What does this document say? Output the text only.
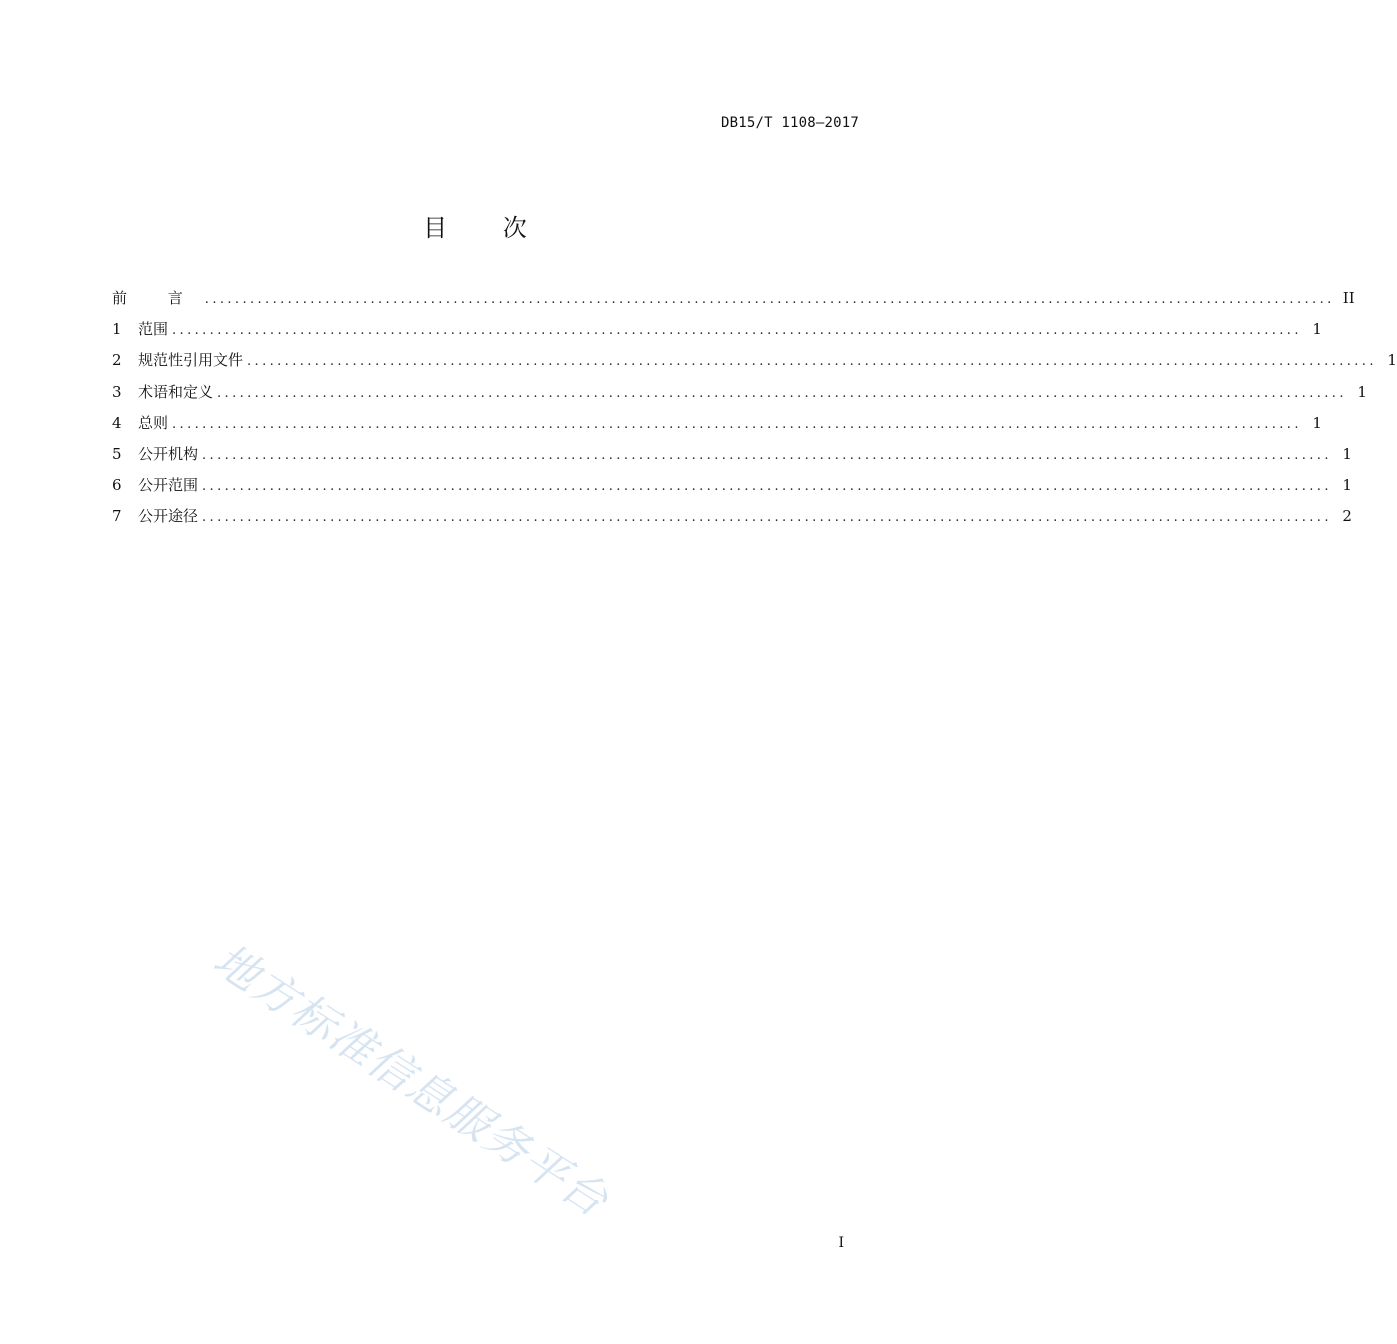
DB15/T 1108—2017
目 次
前 言 ...................................................................................................................................................... II
1	范围 ...................................................................................................................................................... 1
2	规范性引用文件 ...................................................................................................................................................... 1
3	术语和定义 ...................................................................................................................................................... 1
4	总则 ...................................................................................................................................................... 1
5	公开机构 ...................................................................................................................................................... 1
6	公开范围 ...................................................................................................................................................... 1
7	公开途径 ...................................................................................................................................................... 2
地方标准信息服务平台
I
